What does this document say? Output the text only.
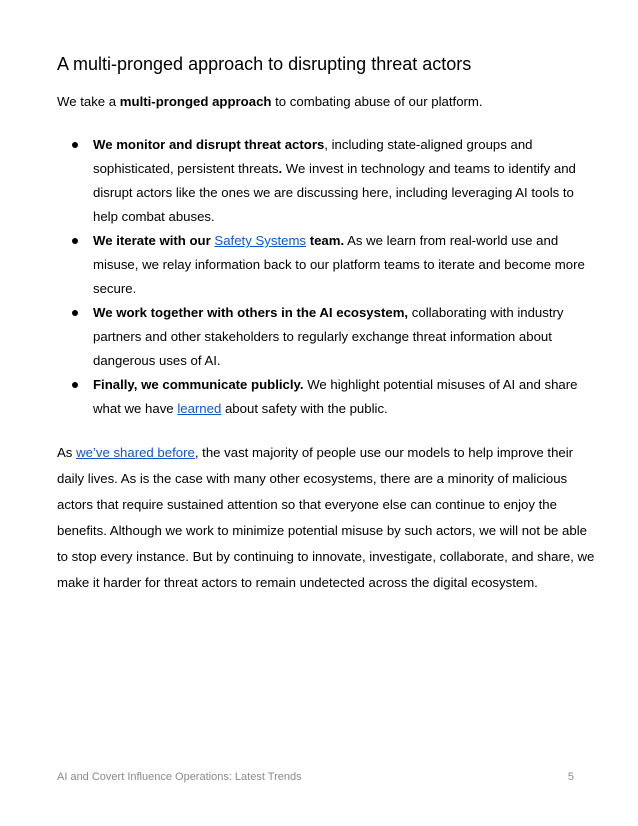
A multi-pronged approach to disrupting threat actors

We take a multi-pronged approach to combating abuse of our platform.

We monitor and disrupt threat actors, including state-aligned groups and sophisticated, persistent threats. We invest in technology and teams to identify and disrupt actors like the ones we are discussing here, including leveraging AI tools to help combat abuses.
We iterate with our Safety Systems team. As we learn from real-world use and misuse, we relay information back to our platform teams to iterate and become more secure.
We work together with others in the AI ecosystem, collaborating with industry partners and other stakeholders to regularly exchange threat information about dangerous uses of AI.
Finally, we communicate publicly. We highlight potential misuses of AI and share what we have learned about safety with the public.

As we’ve shared before, the vast majority of people use our models to help improve their daily lives. As is the case with many other ecosystems, there are a minority of malicious actors that require sustained attention so that everyone else can continue to enjoy the benefits. Although we work to minimize potential misuse by such actors, we will not be able to stop every instance. But by continuing to innovate, investigate, collaborate, and share, we make it harder for threat actors to remain undetected across the digital ecosystem.

AI and Covert Influence Operations: Latest Trends	5
